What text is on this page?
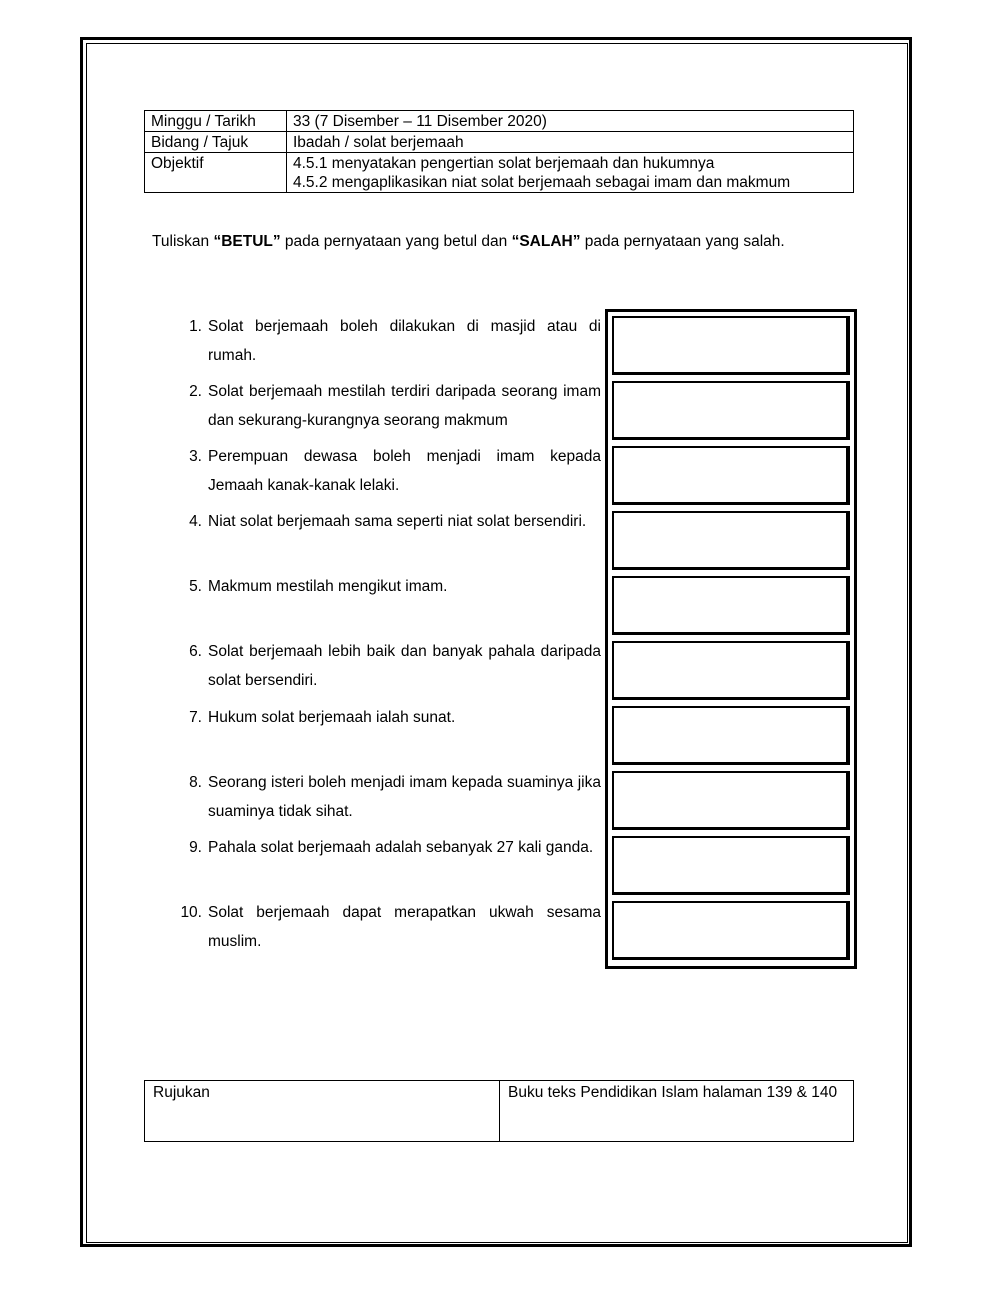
Minggu / Tarikh	33 (7 Disember – 11 Disember 2020)
Bidang / Tajuk	Ibadah / solat berjemaah
Objektif	4.5.1 menyatakan pengertian solat berjemaah dan hukumnya
4.5.2 mengaplikasikan niat solat berjemaah sebagai imam dan makmum
Tuliskan “BETUL” pada pernyataan yang betul dan “SALAH” pada pernyataan yang salah.
1. Solat berjemaah boleh dilakukan di masjid atau di rumah.
2. Solat berjemaah mestilah terdiri daripada seorang imam dan sekurang-kurangnya seorang makmum
3. Perempuan dewasa boleh menjadi imam kepada Jemaah kanak-kanak lelaki.
4. Niat solat berjemaah sama seperti niat solat bersendiri.
5. Makmum mestilah mengikut imam.
6. Solat berjemaah lebih baik dan banyak pahala daripada solat bersendiri.
7. Hukum solat berjemaah ialah sunat.
8. Seorang isteri boleh menjadi imam kepada suaminya jika suaminya tidak sihat.
9. Pahala solat berjemaah adalah sebanyak 27 kali ganda.
10. Solat berjemaah dapat merapatkan ukwah sesama muslim.
Rujukan	Buku teks Pendidikan Islam halaman 139 & 140
